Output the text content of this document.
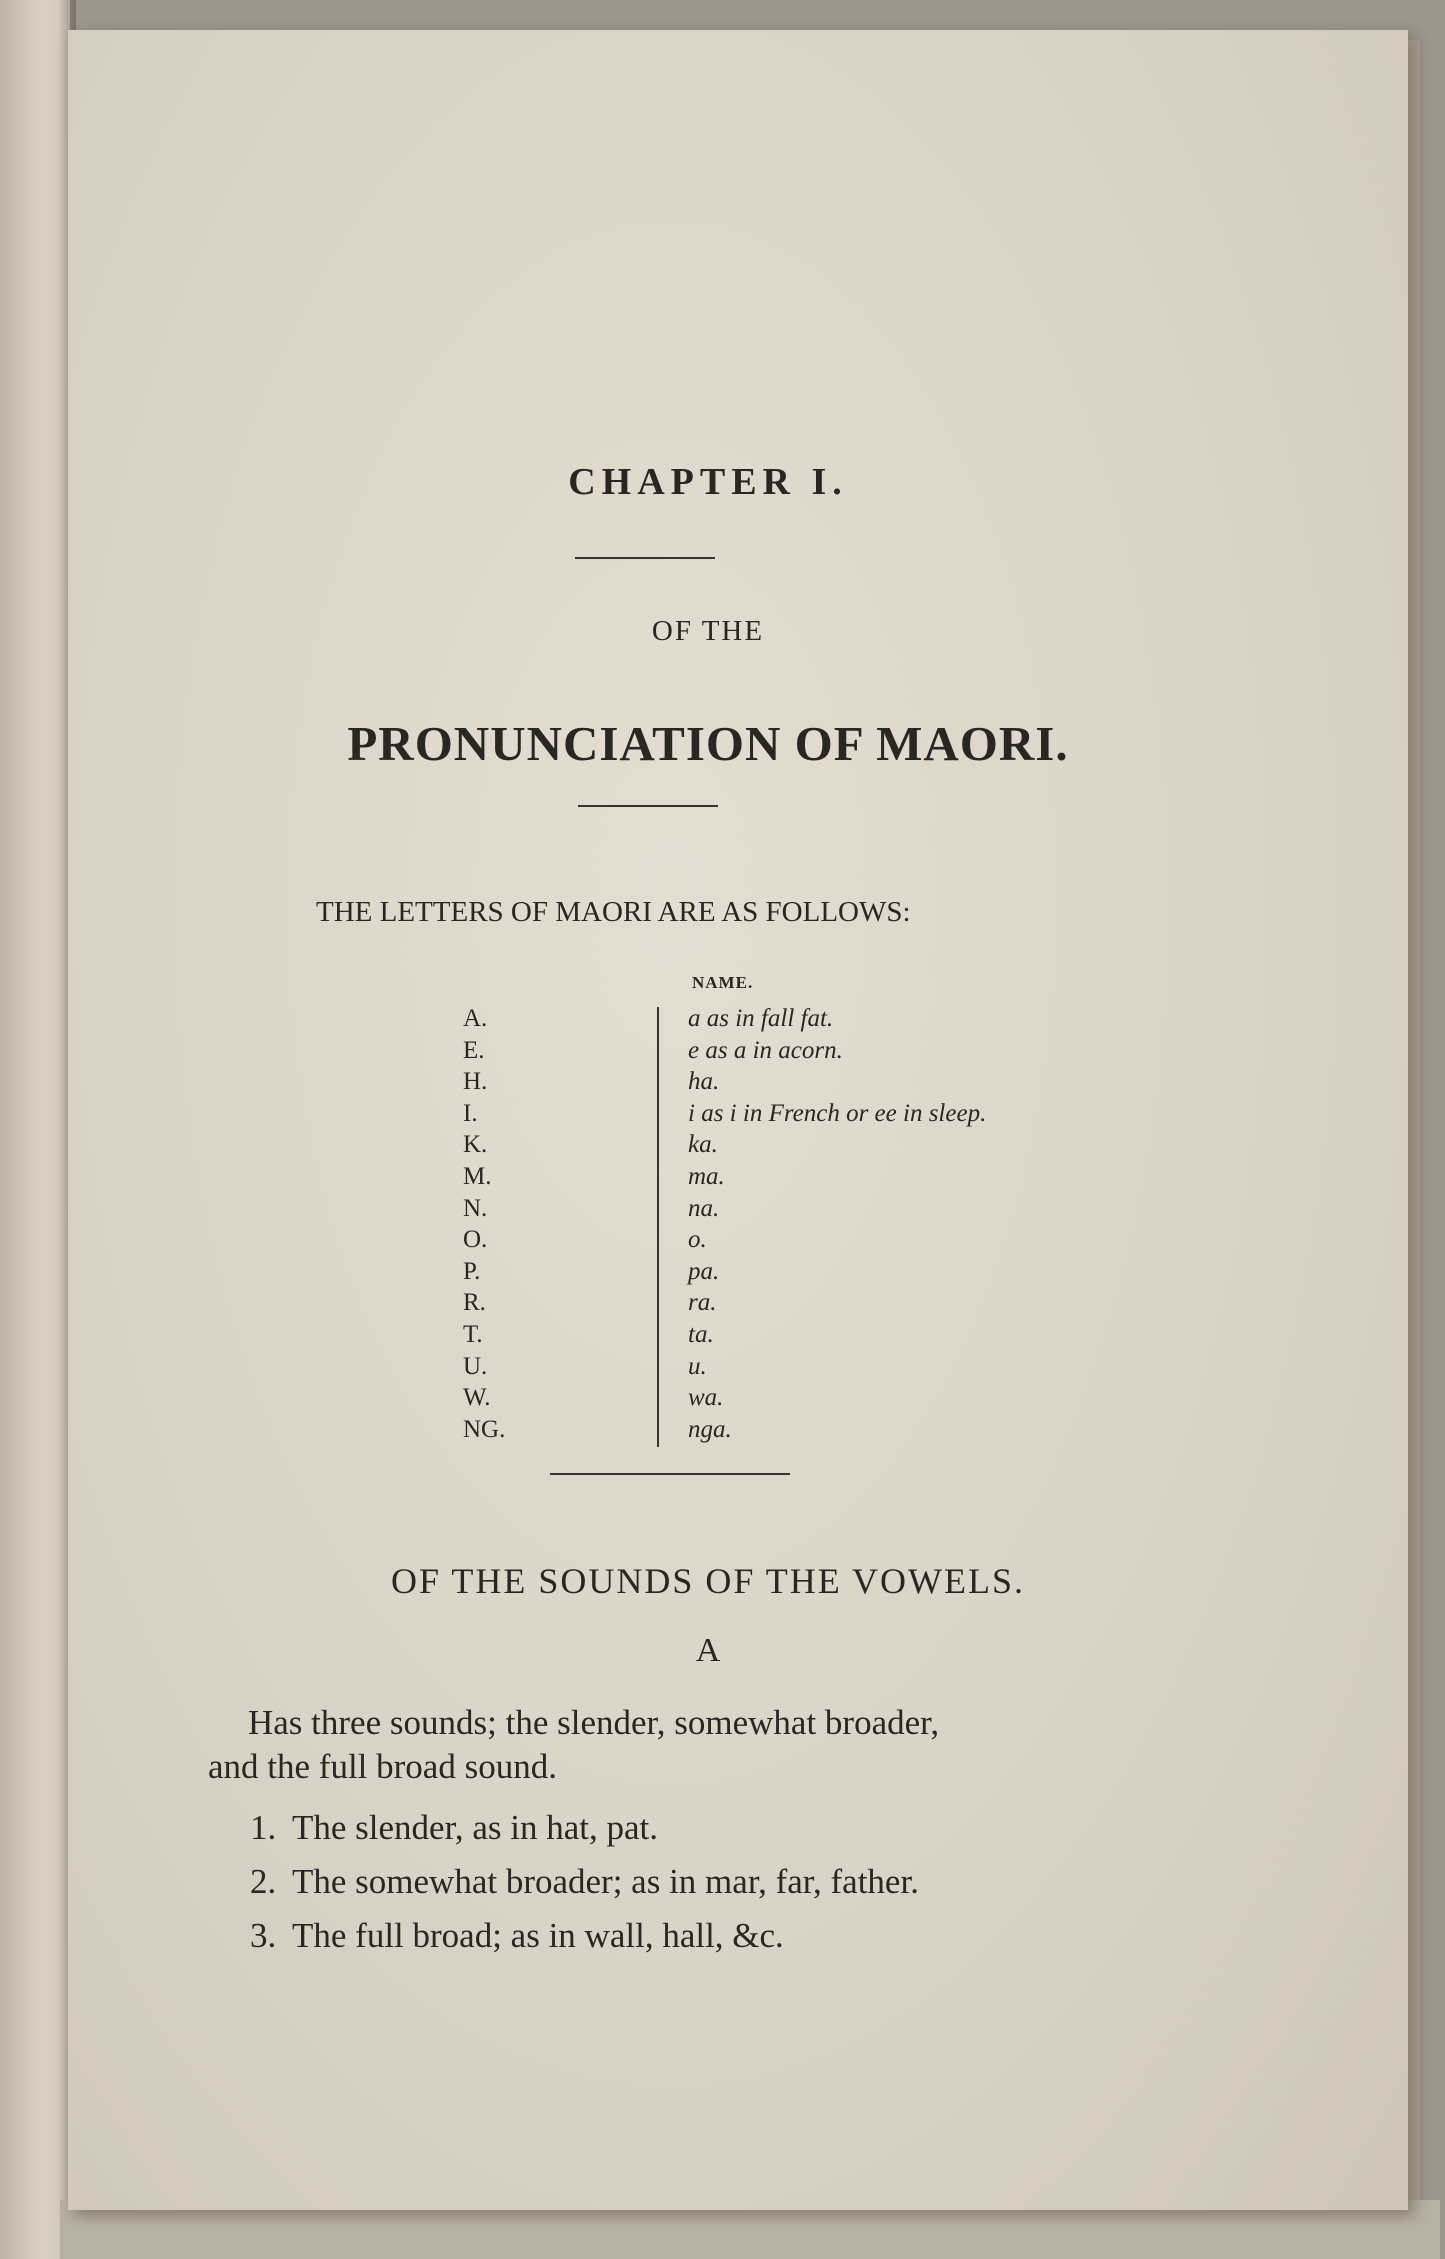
CHAPTER I.
OF THE
PRONUNCIATION OF MAORI.
THE LETTERS OF MAORI ARE AS FOLLOWS:
NAME.
A.
E.
H.
I.
K.
M.
N.
O.
P.
R.
T.
U.
W.
NG.
a as in fall fat.
e as a in acorn.
ha.
i as i in French or ee in sleep.
ka.
ma.
na.
o.
pa.
ra.
ta.
u.
wa.
nga.
OF THE SOUNDS OF THE VOWELS.
A
Has three sounds; the slender, somewhat broader,
and the full broad sound.
1. The slender, as in hat, pat.
2. The somewhat broader; as in mar, far, father.
3. The full broad; as in wall, hall, &c.
